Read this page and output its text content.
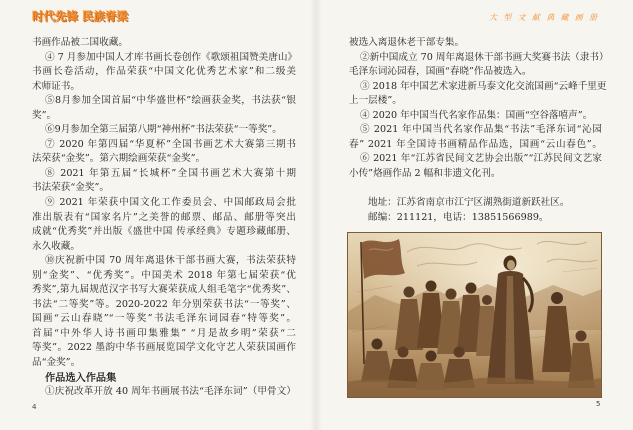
时代先锋 民族脊梁	大型文献典藏画册
书画作品被二国收藏。
④ 7 月参加中国人才库书画长卷创作《歌颂祖国赞美唐山》
书画长卷活动，作品荣获“中国文化优秀艺术家”和二级美
术师证书。
⑤8月参加全国首届“中华盛世杯”绘画获金奖，书法获“银
奖”。
⑥9月参加全第三届第八期“神州杯”书法荣获“一等奖”。
⑦ 2020 年第四届“华夏杯”全国书画艺术大赛第三期书
法荣获“金奖”。第六期绘画荣获“金奖”。
⑧ 2021 年第五届“长城杯”全国书画艺术大赛第十期
书法荣获“金奖”。
⑨ 2021 年荣获中国文化工作委员会、中国邮政局会批
准出版表有“国家名片”之美誉的邮票、邮品、邮册等突出
成就“优秀奖”并出版《盛世中国 传承经典》专题珍藏邮册、
永久收藏。
⑩庆祝新中国 70 周年离退休干部书画大赛，书法荣获特
别“金奖”、“优秀奖”。中国美术 2018 年第七届荣获“优
秀奖”,第九届规范汉字书写大赛荣获成人组毛笔字“优秀奖”、
书法“二等奖”等。2020-2022 年分别荣获书法“一等奖”、
国画“云山春晓”“一等奖”书法毛泽东词园春“特等奖”。
首届“中外华人诗书画印集雅集” “月是故乡明”荣获“二
等奖”。2022 墨韵中华书画展览国学文化守艺人荣获国画作
品“金奖”。
作品选入作品集
①庆祝改革开放 40 周年书画展书法“毛泽东词”（甲骨文）
4
被选入离退休老干部专集。
②新中国成立 70 周年离退休干部书画大奖赛书法（隶书）
毛泽东词沁园春，国画“春晓”作品被选入。
③ 2018 年中国艺术家进新马泰文化交流国画“云峰千里更
上一层楼”。
④ 2020 年中国当代名家作品集：国画“空谷落嘻声”。
⑤ 2021 年中国当代名家作品集“书法”毛泽东词“沁园
春” 2021 年全国诗书画精品作品选，国画“云山春色”。
⑥ 2021 年“江苏省民间文艺协会出版”“江苏民间文艺家
小传”烙画作品 2 幅和非遗文化刊。
地址：江苏省南京市江宁区湖熟街道新跃社区。
邮编：211121，电话：13851566989。
5
